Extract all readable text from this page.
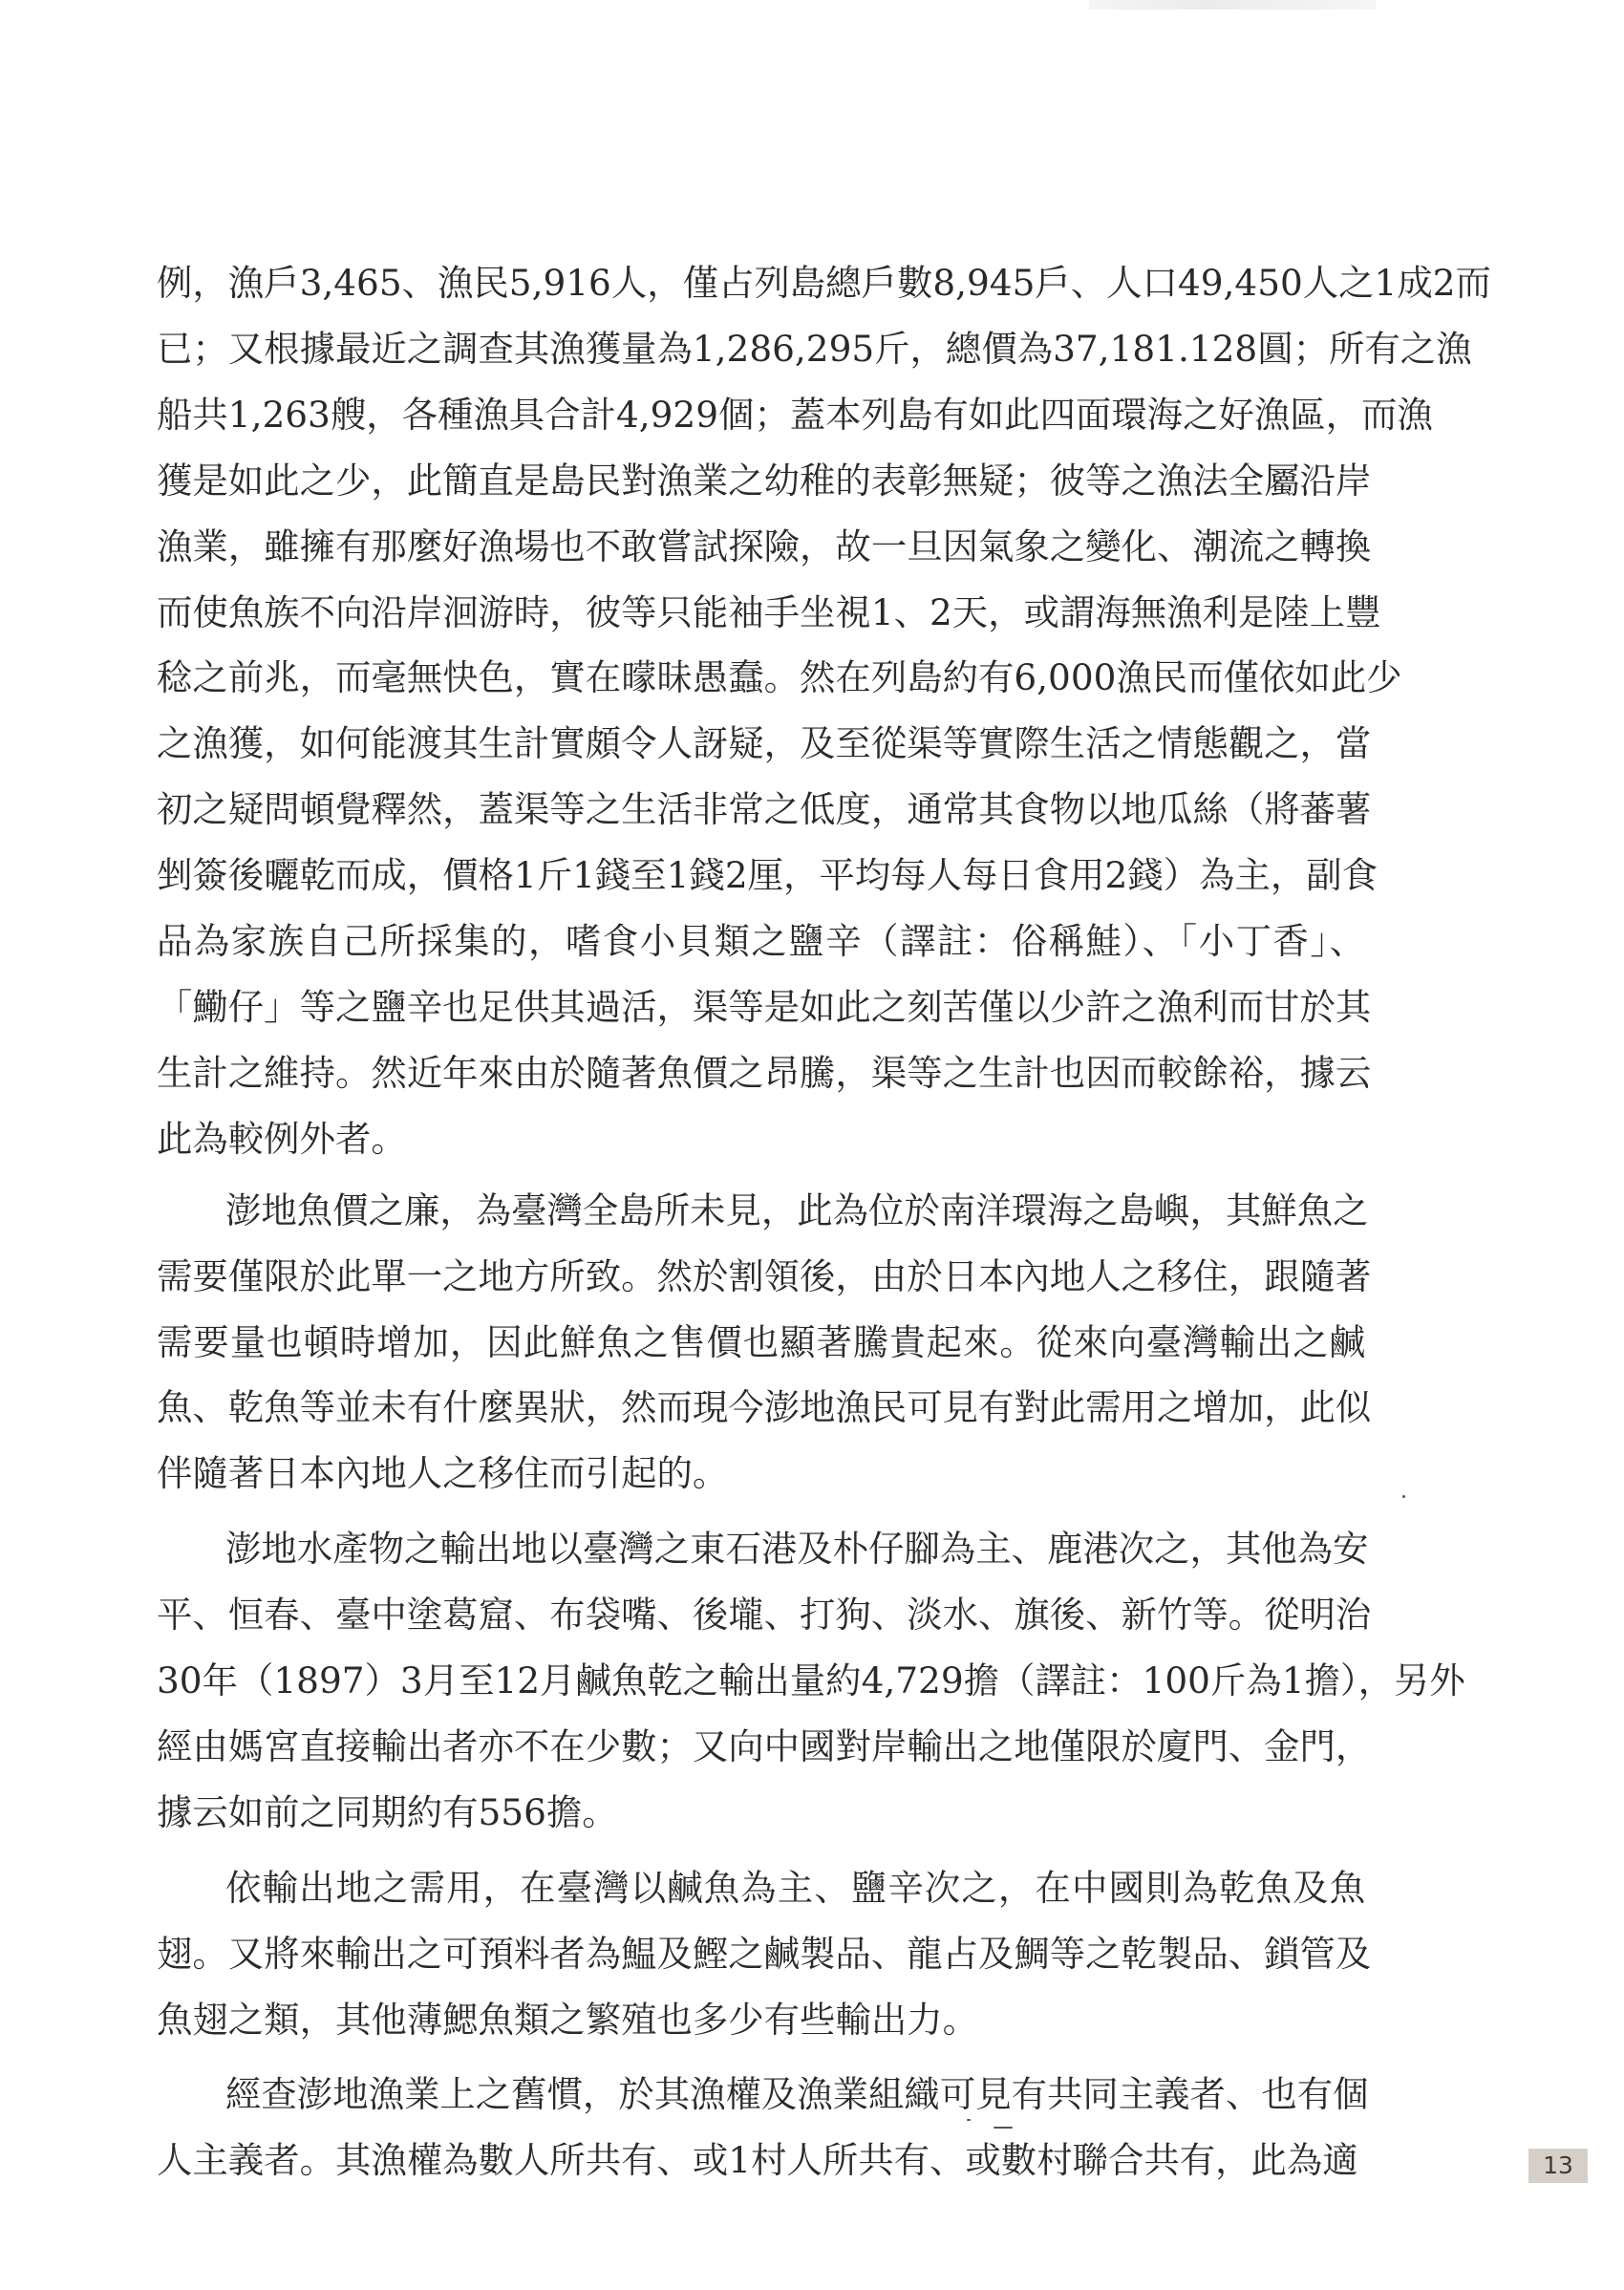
例，漁戶3,465、漁民5,916人，僅占列島總戶數8,945戶、人口49,450人之1成2而
已；又根據最近之調查其漁獲量為1,286,295斤，總價為37,181.128圓；所有之漁
船共1,263艘，各種漁具合計4,929個；蓋本列島有如此四面環海之好漁區，而漁
獲是如此之少，此簡直是島民對漁業之幼稚的表彰無疑；彼等之漁法全屬沿岸
漁業，雖擁有那麼好漁場也不敢嘗試探險，故一旦因氣象之變化、潮流之轉換
而使魚族不向沿岸洄游時，彼等只能袖手坐視1、2天，或謂海無漁利是陸上豐
稔之前兆，而毫無快色，實在曚昧愚蠢。然在列島約有6,000漁民而僅依如此少
之漁獲，如何能渡其生計實頗令人訝疑，及至從渠等實際生活之情態觀之，當
初之疑問頓覺釋然，蓋渠等之生活非常之低度，通常其食物以地瓜絲（將蕃薯
剉簽後曬乾而成，價格1斤1錢至1錢2厘，平均每人每日食用2錢）為主，副食
品為家族自己所採集的，嗜食小貝類之鹽辛（譯註：俗稱鮭）、「小丁香」、
「鰳仔」等之鹽辛也足供其過活，渠等是如此之刻苦僅以少許之漁利而甘於其
生計之維持。然近年來由於隨著魚價之昂騰，渠等之生計也因而較餘裕，據云
此為較例外者。

澎地魚價之廉，為臺灣全島所未見，此為位於南洋環海之島嶼，其鮮魚之
需要僅限於此單一之地方所致。然於割領後，由於日本內地人之移住，跟隨著
需要量也頓時增加，因此鮮魚之售價也顯著騰貴起來。從來向臺灣輸出之鹹
魚、乾魚等並未有什麼異狀，然而現今澎地漁民可見有對此需用之增加，此似
伴隨著日本內地人之移住而引起的。

澎地水產物之輸出地以臺灣之東石港及朴仔腳為主、鹿港次之，其他為安
平、恒春、臺中塗葛窟、布袋嘴、後壠、打狗、淡水、旗後、新竹等。從明治
30年（1897）3月至12月鹹魚乾之輸出量約4,729擔（譯註：100斤為1擔），另外
經由媽宮直接輸出者亦不在少數；又向中國對岸輸出之地僅限於廈門、金門，
據云如前之同期約有556擔。

依輸出地之需用，在臺灣以鹹魚為主、鹽辛次之，在中國則為乾魚及魚
翅。又將來輸出之可預料者為鰛及鰹之鹹製品、龍占及鯛等之乾製品、鎖管及
魚翅之類，其他薄鰓魚類之繁殖也多少有些輸出力。

經查澎地漁業上之舊慣，於其漁權及漁業組織可見有共同主義者、也有個
人主義者。其漁權為數人所共有、或1村人所共有、或數村聯合共有，此為適	13
